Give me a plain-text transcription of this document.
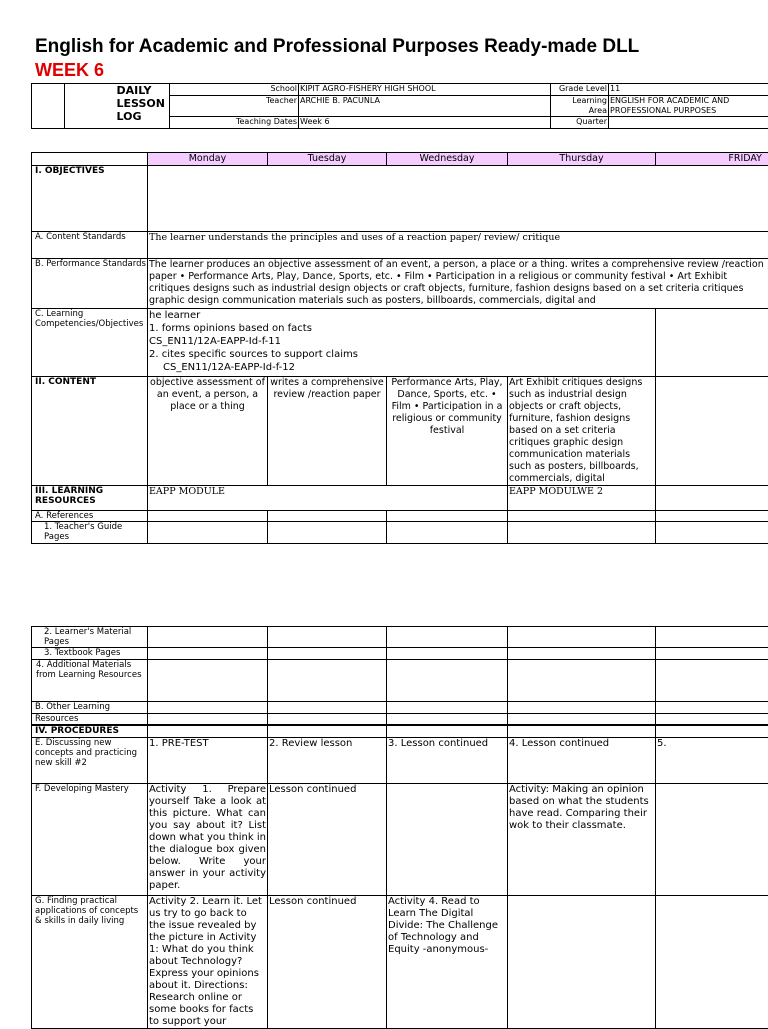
English for Academic and Professional Purposes Ready-made DLL
WEEK 6
		DAILY LESSON LOG	School	KIPIT AGRO-FISHERY HIGH SHOOL	Grade Level	11
			Teacher	ARCHIE B. PACUNLA	Learning Area	ENGLISH FOR ACADEMIC AND PROFESSIONAL PURPOSES
			Teaching Dates	Week 6	Quarter	
	Monday	Tuesday	Wednesday	Thursday	FRIDAY
I. OBJECTIVES					
A. Content Standards	The learner understands the principles and uses of a reaction paper/ review/ critique				
B. Performance Standards	The learner produces an objective assessment of an event, a person, a place or a thing. writes a comprehensive review /reaction paper • Performance Arts, Play, Dance, Sports, etc. • Film • Participation in a religious or community festival • Art Exhibit critiques designs such as industrial design objects or craft objects, furniture, fashion designs based on a set criteria critiques graphic design communication materials such as posters, billboards, commercials, digital and				
C. Learning Competencies/Objectives	he learner
1. forms opinions based on facts
CS_EN11/12A-EAPP-Id-f-11
2. cites specific sources to support claims
CS_EN11/12A-EAPP-Id-f-12				

II. CONTENT	objective assessment of an event, a person, a place or a thing	writes a comprehensive review /reaction paper	Performance Arts, Play, Dance, Sports, etc. • Film • Participation in a religious or community festival	Art Exhibit critiques designs such as industrial design objects or craft objects, furniture, fashion designs based on a set criteria critiques graphic design communication materials such as posters, billboards, commercials, digital	
III. LEARNING RESOURCES	EAPP MODULE			EAPP MODULWE 2	
A. References					
1. Teacher's Guide Pages					
2. Learner's Material Pages					
3. Textbook Pages					
4. Additional Materials from Learning Resources					
B. Other Learning					
Resources					
IV. PROCEDURES					
E. Discussing new concepts and practicing new skill #2	1. PRE-TEST	2. Review lesson	3. Lesson continued	4. Lesson continued	5.
F. Developing Mastery	Activity 1. Prepare yourself Take a look at this picture. What can you say about it? List down what you think in the dialogue box given below. Write your answer in your activity paper.	Lesson continued		Activity: Making an opinion based on what the students have read. Comparing their wok to their classmate.	
G. Finding practical applications of concepts & skills in daily living	Activity 2. Learn it. Let us try to go back to the issue revealed by the picture in Activity 1: What do you think about Technology? Express your opinions about it. Directions: Research online or some books for facts to support your	Lesson continued	Activity 4. Read to Learn The Digital Divide: The Challenge of Technology and Equity -anonymous-		
